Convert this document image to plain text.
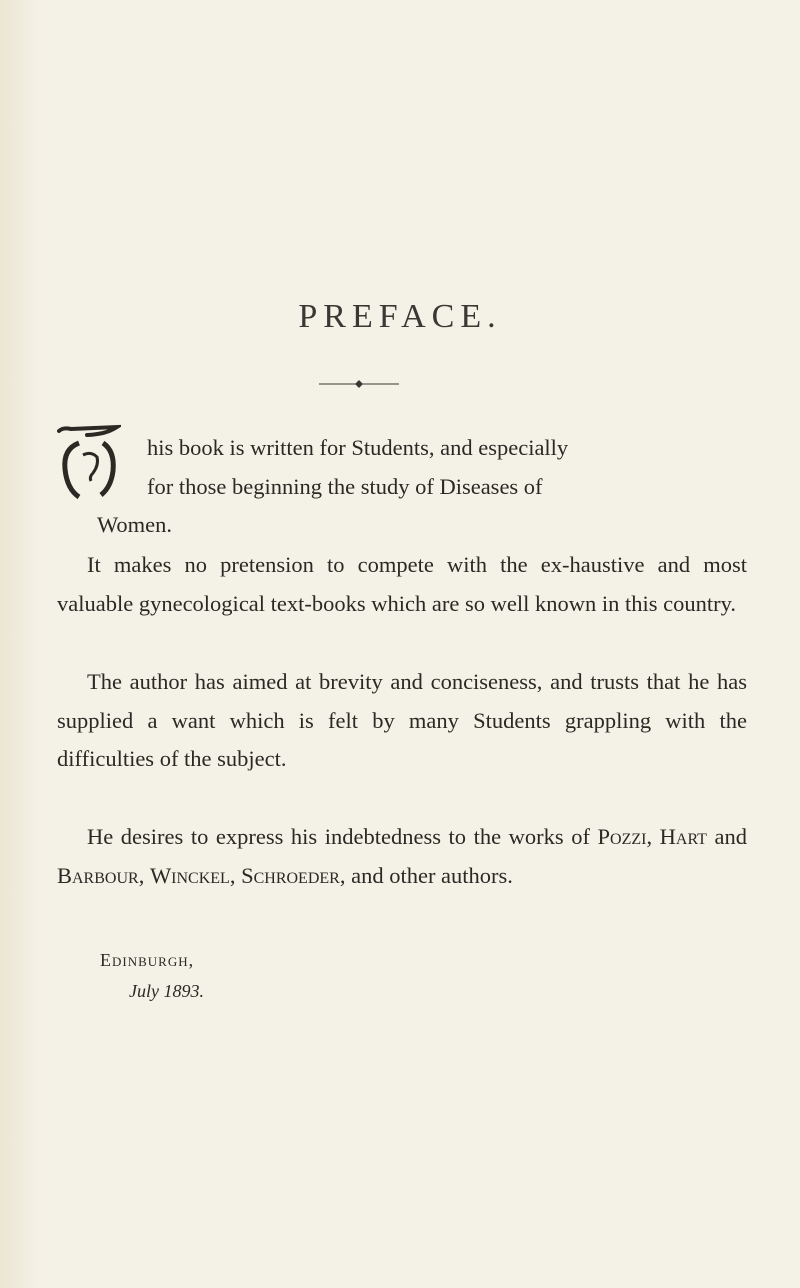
PREFACE.
his book is written for Students, and especially
for those beginning the study of Diseases of
Women.

It makes no pretension to compete with the ex-haustive and most valuable gynecological text-books which are so well known in this country.

The author has aimed at brevity and conciseness, and trusts that he has supplied a want which is felt by many Students grappling with the difficulties of the subject.

He desires to express his indebtedness to the works of Pozzi, Hart and Barbour, Winckel, Schroeder, and other authors.

Edinburgh,
July 1893.
